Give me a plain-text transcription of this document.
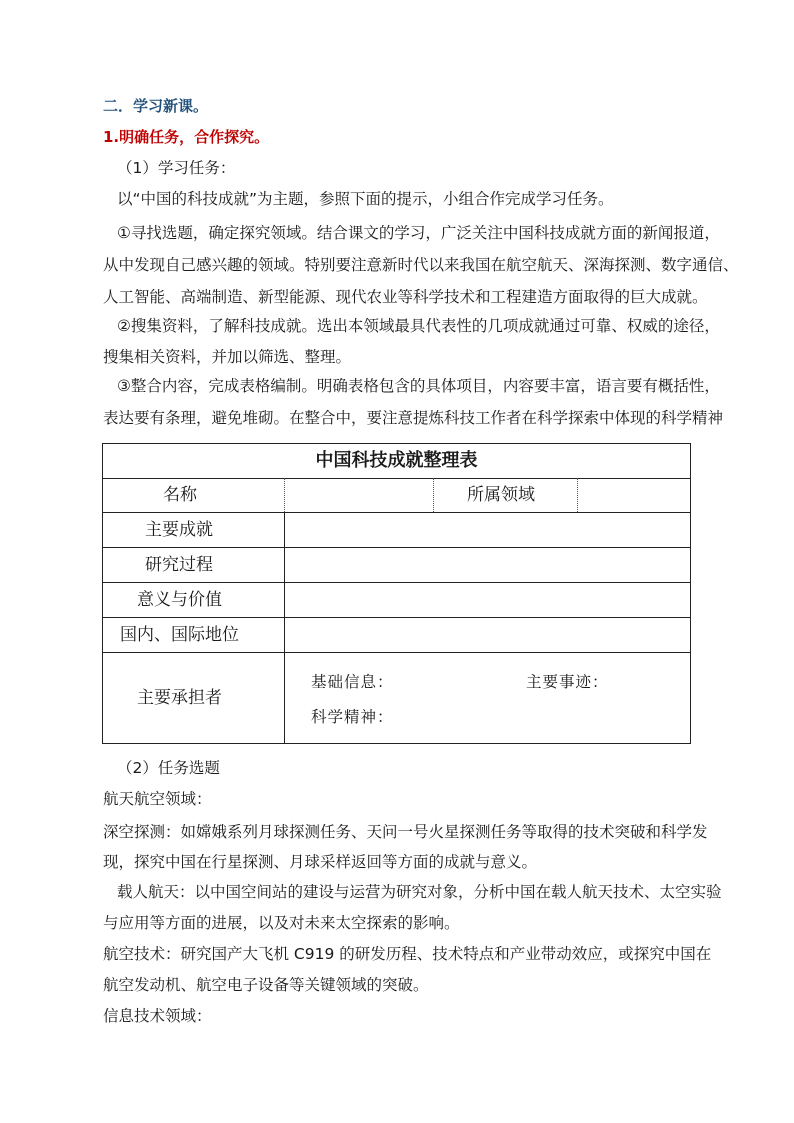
二．学习新课。
1.明确任务，合作探究。
（1）学习任务：
以“中国的科技成就”为主题，参照下面的提示，小组合作完成学习任务。
①寻找选题，确定探究领域。结合课文的学习，广泛关注中国科技成就方面的新闻报道，
从中发现自己感兴趣的领域。特别要注意新时代以来我国在航空航天、深海探测、数字通信、
人工智能、高端制造、新型能源、现代农业等科学技术和工程建造方面取得的巨大成就。
②搜集资料，了解科技成就。选出本领域最具代表性的几项成就通过可靠、权威的途径，
搜集相关资料，并加以筛选、整理。
③整合内容，完成表格编制。明确表格包含的具体项目，内容要丰富，语言要有概括性，
表达要有条理，避免堆砌。在整合中，要注意提炼科技工作者在科学探索中体现的科学精神
中国科技成就整理表
名称	所属领域
主要成就
研究过程
意义与价值
国内、国际地位
主要承担者
基础信息：	主要事迹：
科学精神：
（2）任务选题
航天航空领域：
深空探测：如嫦娥系列月球探测任务、天问一号火星探测任务等取得的技术突破和科学发
现，探究中国在行星探测、月球采样返回等方面的成就与意义。
载人航天：以中国空间站的建设与运营为研究对象，分析中国在载人航天技术、太空实验
与应用等方面的进展，以及对未来太空探索的影响。
航空技术：研究国产大飞机 C919 的研发历程、技术特点和产业带动效应，或探究中国在
航空发动机、航空电子设备等关键领域的突破。
信息技术领域：
